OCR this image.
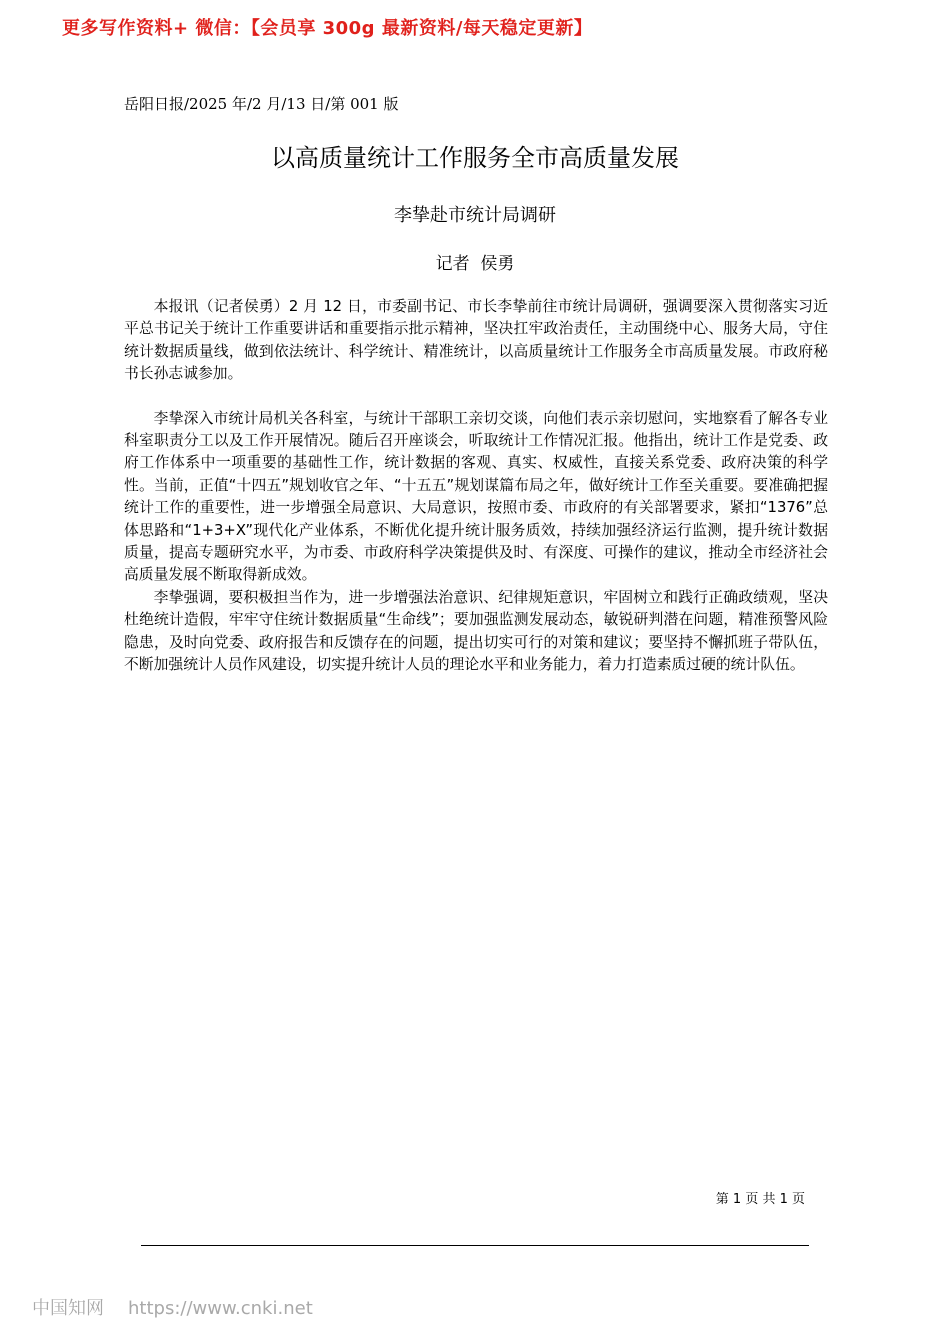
更多写作资料+ 微信：【会员享 300g 最新资料/每天稳定更新】
岳阳日报/2025 年/2 月/13 日/第 001 版
以高质量统计工作服务全市高质量发展
李挚赴市统计局调研
记者  侯勇

本报讯（记者侯勇）2 月 12 日，市委副书记、市长李挚前往市统计局调研，强调要深入贯彻落实习近平总书记关于统计工作重要讲话和重要指示批示精神，坚决扛牢政治责任，主动围绕中心、服务大局，守住统计数据质量线，做到依法统计、科学统计、精准统计，以高质量统计工作服务全市高质量发展。市政府秘书长孙志诚参加。

李挚深入市统计局机关各科室，与统计干部职工亲切交谈，向他们表示亲切慰问，实地察看了解各专业科室职责分工以及工作开展情况。随后召开座谈会，听取统计工作情况汇报。他指出，统计工作是党委、政府工作体系中一项重要的基础性工作，统计数据的客观、真实、权威性，直接关系党委、政府决策的科学性。当前，正值“十四五”规划收官之年、“十五五”规划谋篇布局之年，做好统计工作至关重要。要准确把握统计工作的重要性，进一步增强全局意识、大局意识，按照市委、市政府的有关部署要求，紧扣“1376”总体思路和“1+3+X”现代化产业体系，不断优化提升统计服务质效，持续加强经济运行监测，提升统计数据质量，提高专题研究水平，为市委、市政府科学决策提供及时、有深度、可操作的建议，推动全市经济社会高质量发展不断取得新成效。

李挚强调，要积极担当作为，进一步增强法治意识、纪律规矩意识，牢固树立和践行正确政绩观，坚决杜绝统计造假，牢牢守住统计数据质量“生命线”；要加强监测发展动态，敏锐研判潜在问题，精准预警风险隐患，及时向党委、政府报告和反馈存在的问题，提出切实可行的对策和建议；要坚持不懈抓班子带队伍，不断加强统计人员作风建设，切实提升统计人员的理论水平和业务能力，着力打造素质过硬的统计队伍。

第 1 页 共 1 页
中国知网 https://www.cnki.net
